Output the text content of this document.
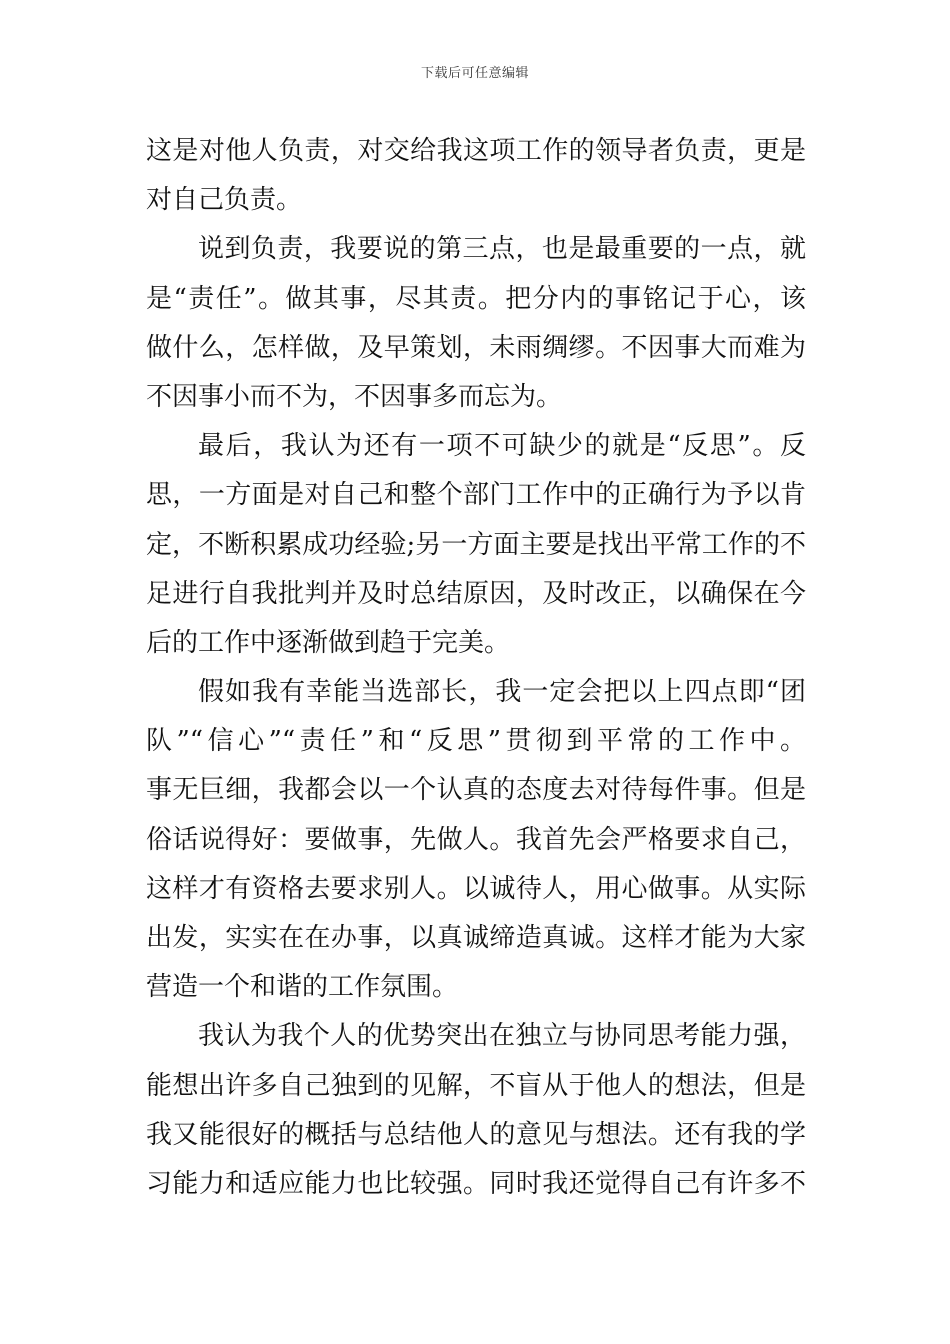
下载后可任意编辑
这是对他人负责，对交给我这项工作的领导者负责，更是
对自己负责。
说到负责，我要说的第三点，也是最重要的一点，就
是“责任”。做其事，尽其责。把分内的事铭记于心，该
做什么，怎样做，及早策划，未雨绸缪。不因事大而难为
不因事小而不为，不因事多而忘为。
最后，我认为还有一项不可缺少的就是“反思”。反
思，一方面是对自己和整个部门工作中的正确行为予以肯
定，不断积累成功经验;另一方面主要是找出平常工作的不
足进行自我批判并及时总结原因，及时改正，以确保在今
后的工作中逐渐做到趋于完美。
假如我有幸能当选部长，我一定会把以上四点即“团
队”“信心”“责任”和“反思”贯彻到平常的工作中。
事无巨细，我都会以一个认真的态度去对待每件事。但是
俗话说得好：要做事，先做人。我首先会严格要求自己，
这样才有资格去要求别人。以诚待人，用心做事。从实际
出发，实实在在办事，以真诚缔造真诚。这样才能为大家
营造一个和谐的工作氛围。
我认为我个人的优势突出在独立与协同思考能力强，
能想出许多自己独到的见解，不盲从于他人的想法，但是
我又能很好的概括与总结他人的意见与想法。还有我的学
习能力和适应能力也比较强。同时我还觉得自己有许多不
